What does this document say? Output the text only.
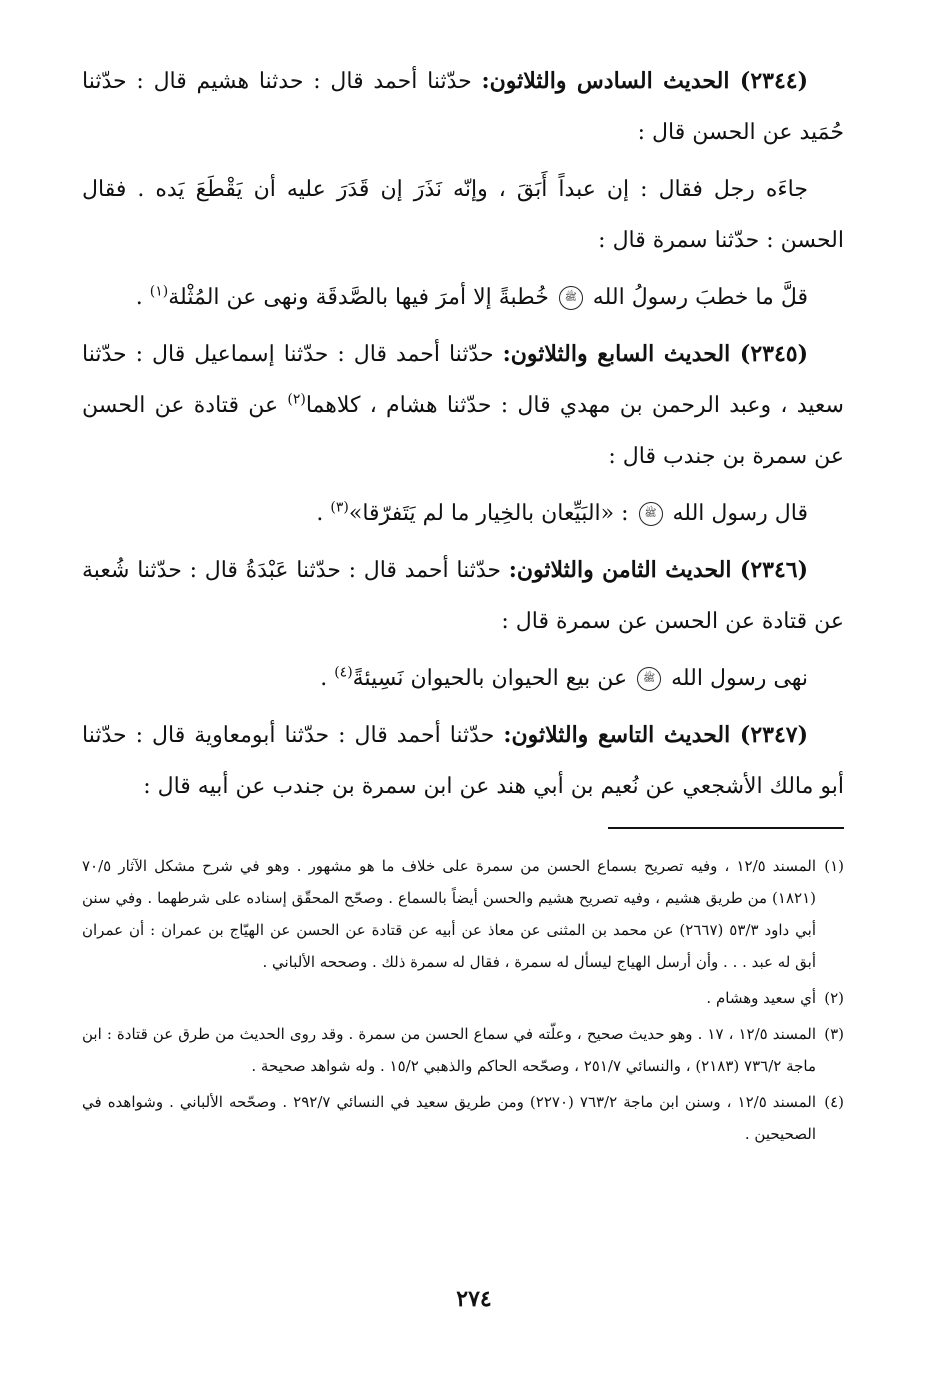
(٢٣٤٤) الحديث السادس والثلاثون: حدّثنا أحمد قال : حدثنا هشيم قال : حدّثنا حُمَيد عن الحسن قال :

جاءَه رجل فقال : إن عبداً أَبَقَ ، وإنّه نَذَرَ إن قَدَرَ عليه أن يَقْطَعَ يَده . فقال الحسن : حدّثنا سمرة قال :

قلَّ ما خطبَ رسولُ الله ﷺ خُطبةً إلا أمرَ فيها بالصَّدقَة ونهى عن المُثْلة$^{(١)}$ .

(٢٣٤٥) الحديث السابع والثلاثون: حدّثنا أحمد قال : حدّثنا إسماعيل قال : حدّثنا سعيد ، وعبد الرحمن بن مهدي قال : حدّثنا هشام ، كلاهما$^{(٢)}$ عن قتادة عن الحسن عن سمرة بن جندب قال :

قال رسول الله ﷺ : «البَيِّعان بالخِيار ما لم يَتَفرّقا»$^{(٣)}$ .

(٢٣٤٦) الحديث الثامن والثلاثون: حدّثنا أحمد قال : حدّثنا عَبْدَةُ قال : حدّثنا شُعبة عن قتادة عن الحسن عن سمرة قال :

نهى رسول الله ﷺ عن بيع الحيوان بالحيوان نَسِيئةً$^{(٤)}$ .

(٢٣٤٧) الحديث التاسع والثلاثون: حدّثنا أحمد قال : حدّثنا أبومعاوية قال : حدّثنا أبو مالك الأشجعي عن نُعيم بن أبي هند عن ابن سمرة بن جندب عن أبيه قال :

(١)
المسند ١٢/٥ ، وفيه تصريح بسماع الحسن من سمرة على خلاف ما هو مشهور . وهو في شرح مشكل الآثار ٧٠/٥ (١٨٢١) من طريق هشيم ، وفيه تصريح هشيم والحسن أيضاً بالسماع . وصحّح المحقّق إسناده على شرطهما . وفي سنن أبي داود ٥٣/٣ (٢٦٦٧) عن محمد بن المثنى عن معاذ عن أبيه عن قتادة عن الحسن عن الهيّاج بن عمران : أن عمران أبق له عبد . . . وأن أرسل الهياج ليسأل له سمرة ، فقال له سمرة ذلك . وصححه الألباني .

(٢)
أي سعيد وهشام .

(٣)
المسند ١٢/٥ ، ١٧ . وهو حديث صحيح ، وعلّته في سماع الحسن من سمرة . وقد روى الحديث من طرق عن قتادة : ابن ماجة ٧٣٦/٢ (٢١٨٣) ، والنسائي ٢٥١/٧ ، وصحّحه الحاكم والذهبي ١٥/٢ . وله شواهد صحيحة .

(٤)
المسند ١٢/٥ ، وسنن ابن ماجة ٧٦٣/٢ (٢٢٧٠) ومن طريق سعيد في النسائي ٢٩٢/٧ . وصحّحه الألباني . وشواهده في الصحيحين .

٢٧٤
